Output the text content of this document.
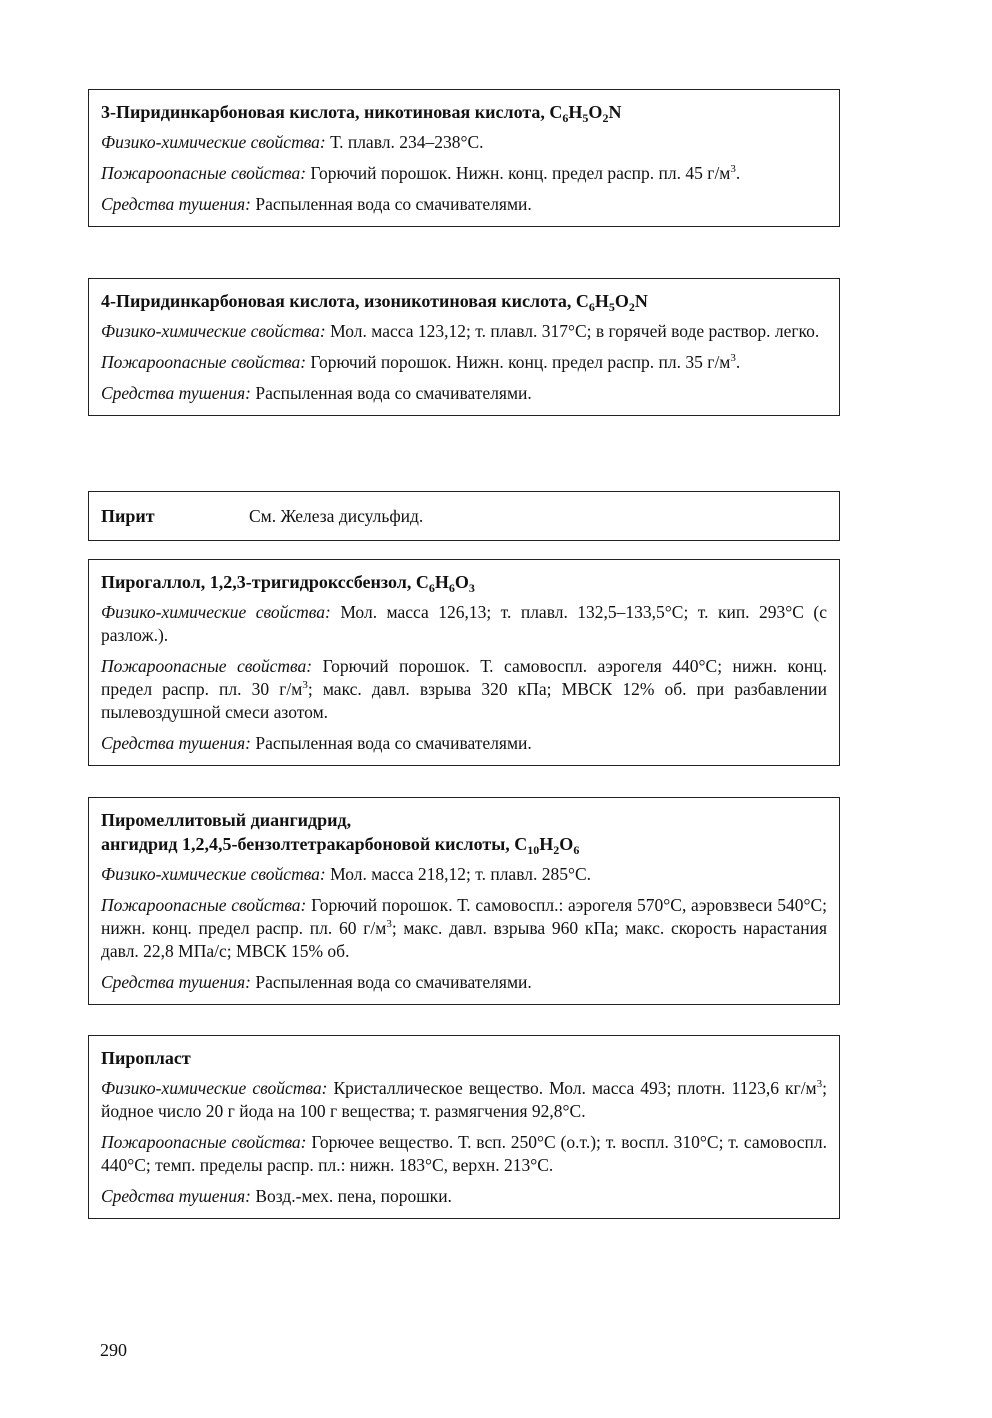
3-Пиридинкарбоновая кислота, никотиновая кислота, $C_6H_5O_2N$
Физико-химические свойства: Т. плавл. 234–238°С.
Пожароопасные свойства: Горючий порошок. Нижн. конц. предел распр. пл. 45 $г/м^3$.
Средства тушения: Распыленная вода со смачивателями.
4-Пиридинкарбоновая кислота, изоникотиновая кислота, $C_6H_5O_2N$
Физико-химические свойства: Мол. масса 123,12; т. плавл. 317°С; в горячей воде раствор. легко.
Пожароопасные свойства: Горючий порошок. Нижн. конц. предел распр. пл. 35 $г/м^3$.
Средства тушения: Распыленная вода со смачивателями.
Пирит	См. Железа дисульфид.
Пирогаллол, 1,2,3-тригидроксcбензол, $C_6H_6O_3$
Физико-химические свойства: Мол. масса 126,13; т. плавл. 132,5–133,5°С; т. кип. 293°С (с разлож.).
Пожароопасные свойства: Горючий порошок. Т. самовоспл. аэрогеля 440°С; нижн. конц. предел распр. пл. 30 $г/м^3$; макс. давл. взрыва 320 кПа; МВСК 12% об. при разбавлении пылевоздушной смеси азотом.
Средства тушения: Распыленная вода со смачивателями.
Пиромеллитовый диангидрид,
ангидрид 1,2,4,5-бензолтетракарбоновой кислоты, $C_{10}H_2O_6$
Физико-химические свойства: Мол. масса 218,12; т. плавл. 285°С.
Пожароопасные свойства: Горючий порошок. Т. самовоспл.: аэрогеля 570°С, аэровзвеси 540°С; нижн. конц. предел распр. пл. 60 $г/м^3$; макс. давл. взрыва 960 кПа; макс. скорость нарастания давл. 22,8 МПа/с; МВСК 15% об.
Средства тушения: Распыленная вода со смачивателями.
Пиропласт
Физико-химические свойства: Кристаллическое вещество. Мол. масса 493; плотн. 1123,6 $кг/м^3$; йодное число 20 г йода на 100 г вещества; т. размягчения 92,8°С.
Пожароопасные свойства: Горючее вещество. Т. всп. 250°С (о.т.); т. воспл. 310°С; т. самовоспл. 440°С; темп. пределы распр. пл.: нижн. 183°С, верхн. 213°С.
Средства тушения: Возд.-мех. пена, порошки.
290
